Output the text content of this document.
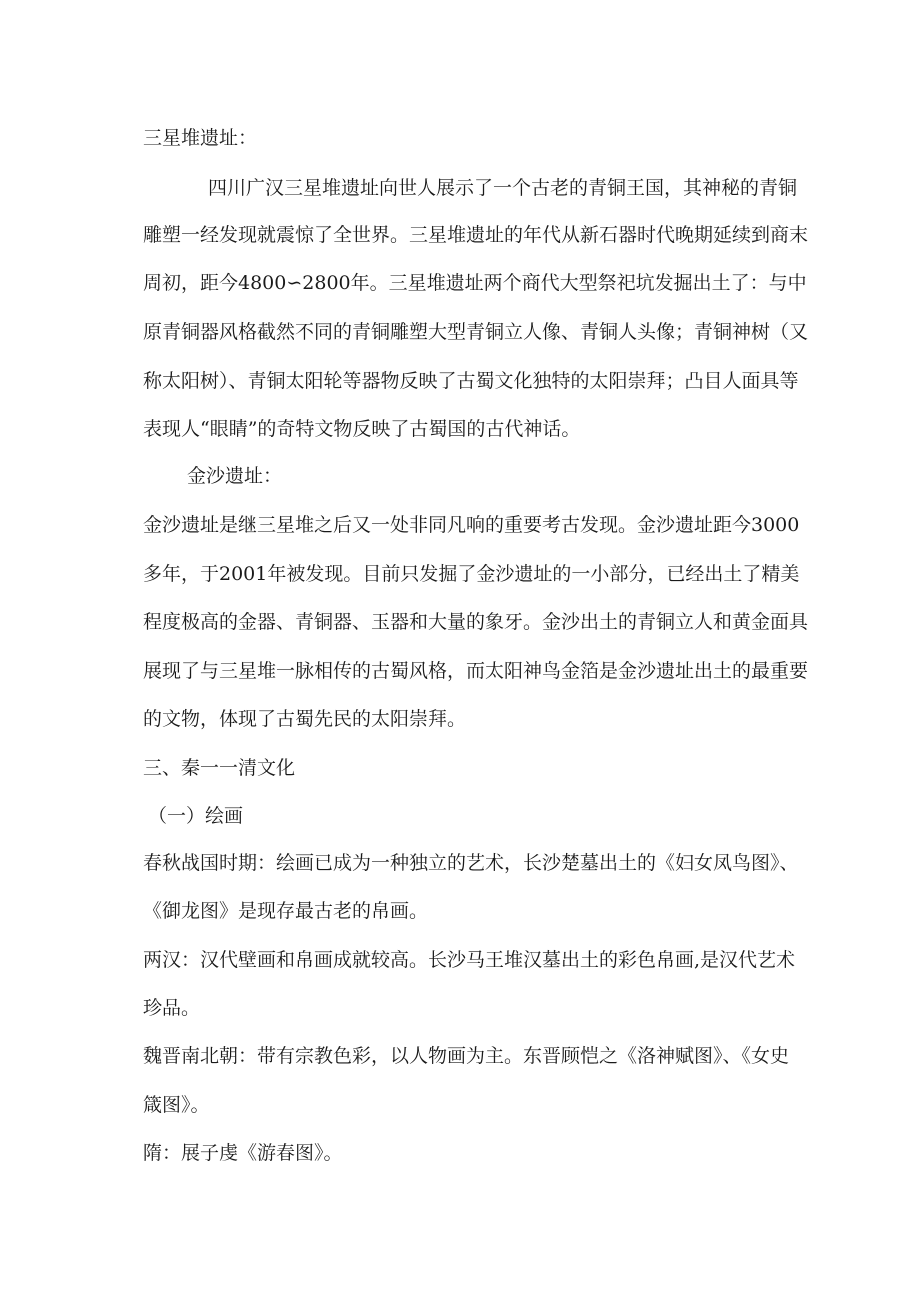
三星堆遗址：

四川广汉三星堆遗址向世人展示了一个古老的青铜王国，其神秘的青铜

雕塑一经发现就震惊了全世界。三星堆遗址的年代从新石器时代晚期延续到商末

周初，距今4800∽2800年。三星堆遗址两个商代大型祭祀坑发掘出土了：与中

原青铜器风格截然不同的青铜雕塑大型青铜立人像、青铜人头像；青铜神树（又

称太阳树）、青铜太阳轮等器物反映了古蜀文化独特的太阳崇拜；凸目人面具等

表现人“眼睛”的奇特文物反映了古蜀国的古代神话。

金沙遗址：

金沙遗址是继三星堆之后又一处非同凡响的重要考古发现。金沙遗址距今3000

多年，于2001年被发现。目前只发掘了金沙遗址的一小部分，已经出土了精美

程度极高的金器、青铜器、玉器和大量的象牙。金沙出土的青铜立人和黄金面具

展现了与三星堆一脉相传的古蜀风格，而太阳神鸟金箔是金沙遗址出土的最重要

的文物，体现了古蜀先民的太阳崇拜。

三、秦一一清文化

（一）绘画

春秋战国时期：绘画已成为一种独立的艺术，长沙楚墓出土的《妇女凤鸟图》、

《御龙图》是现存最古老的帛画。

两汉：汉代壁画和帛画成就较高。长沙马王堆汉墓出土的彩色帛画,是汉代艺术

珍品。

魏晋南北朝：带有宗教色彩，以人物画为主。东晋顾恺之《洛神赋图》、《女史

箴图》。

隋：展子虔《游春图》。
